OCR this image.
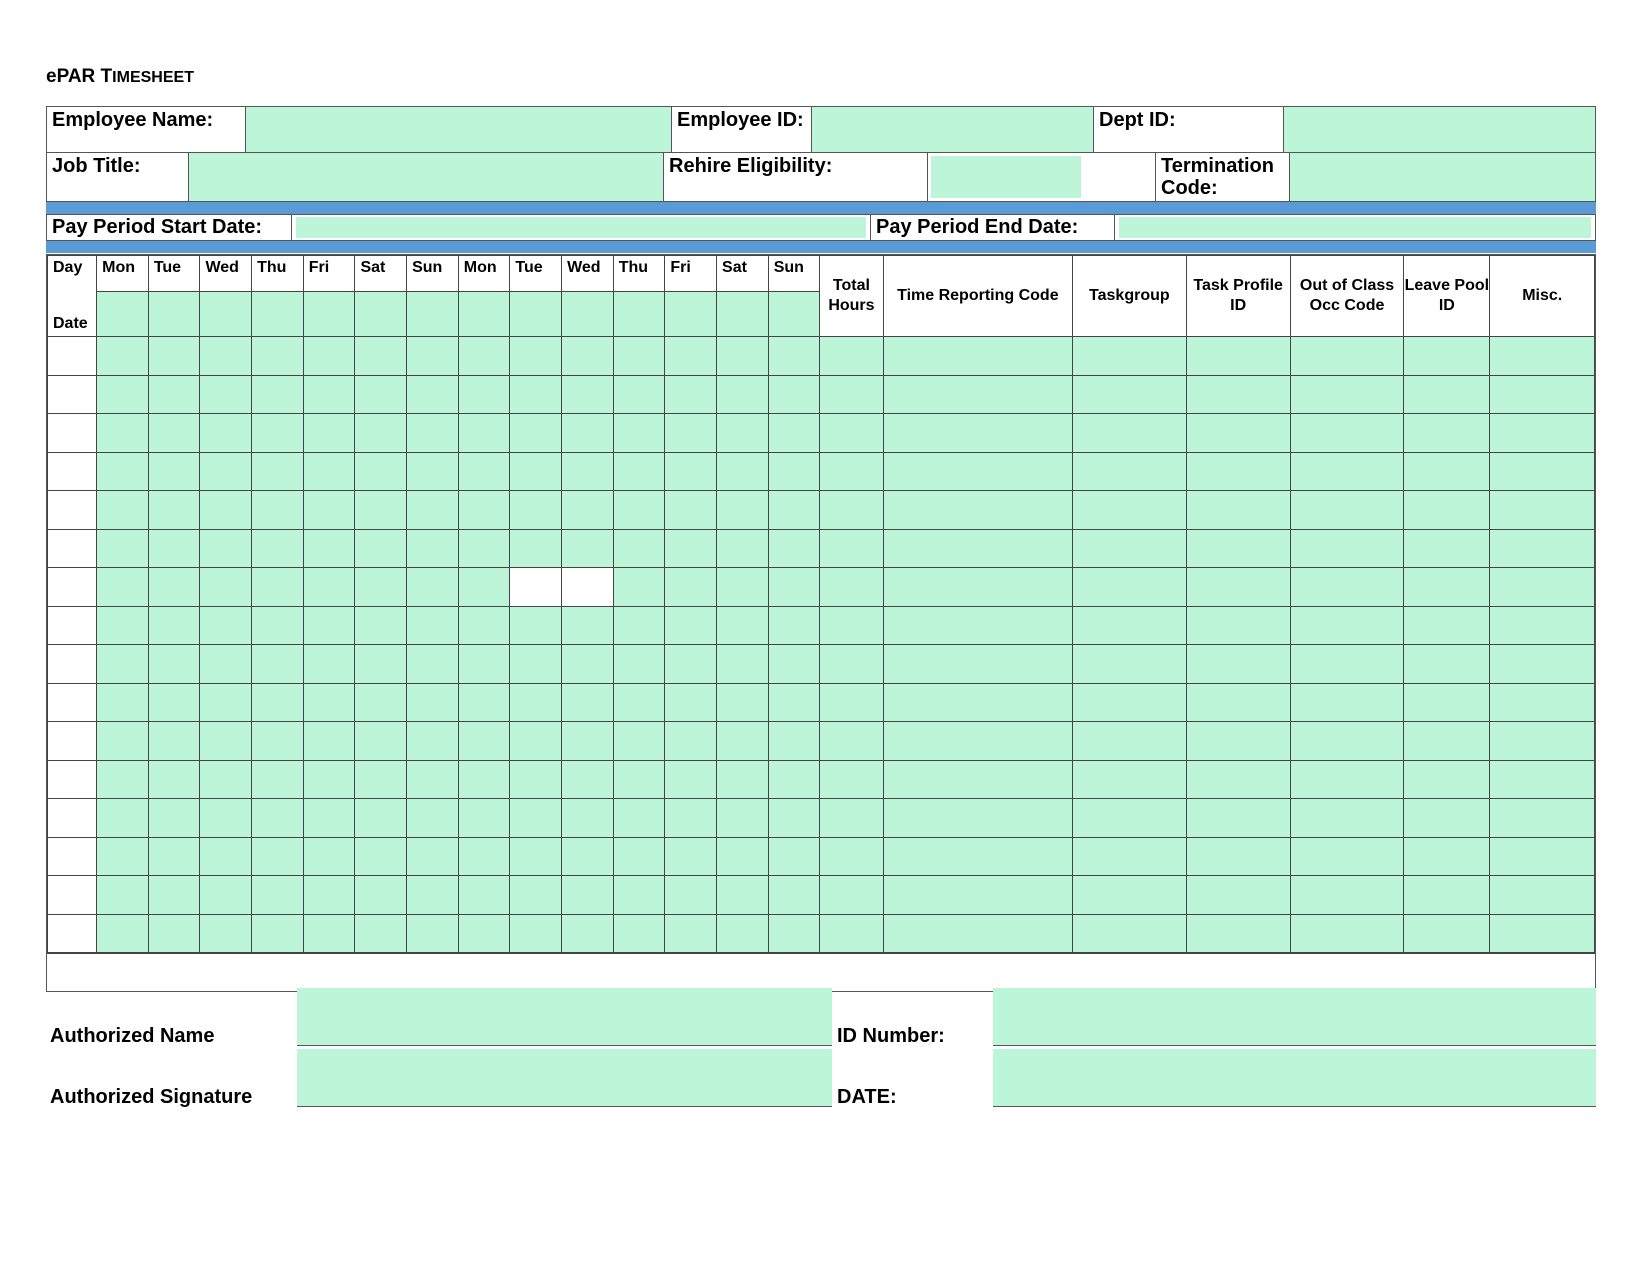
ePAR TIMESHEET
Employee Name:	Employee ID:	Dept ID:
Job Title:	Rehire Eligibility:	Termination Code:
Pay Period Start Date:	Pay Period End Date:
Day
Date	Mon	Tue	Wed	Thu	Fri	Sat	Sun	Mon	Tue	Wed	Thu	Fri	Sat	Sun	Total Hours	Time Reporting Code	Taskgroup	Task Profile ID	Out of Class Occ Code	Leave Pool ID	Misc.

Authorized Name	ID Number:
Authorized Signature	DATE:
